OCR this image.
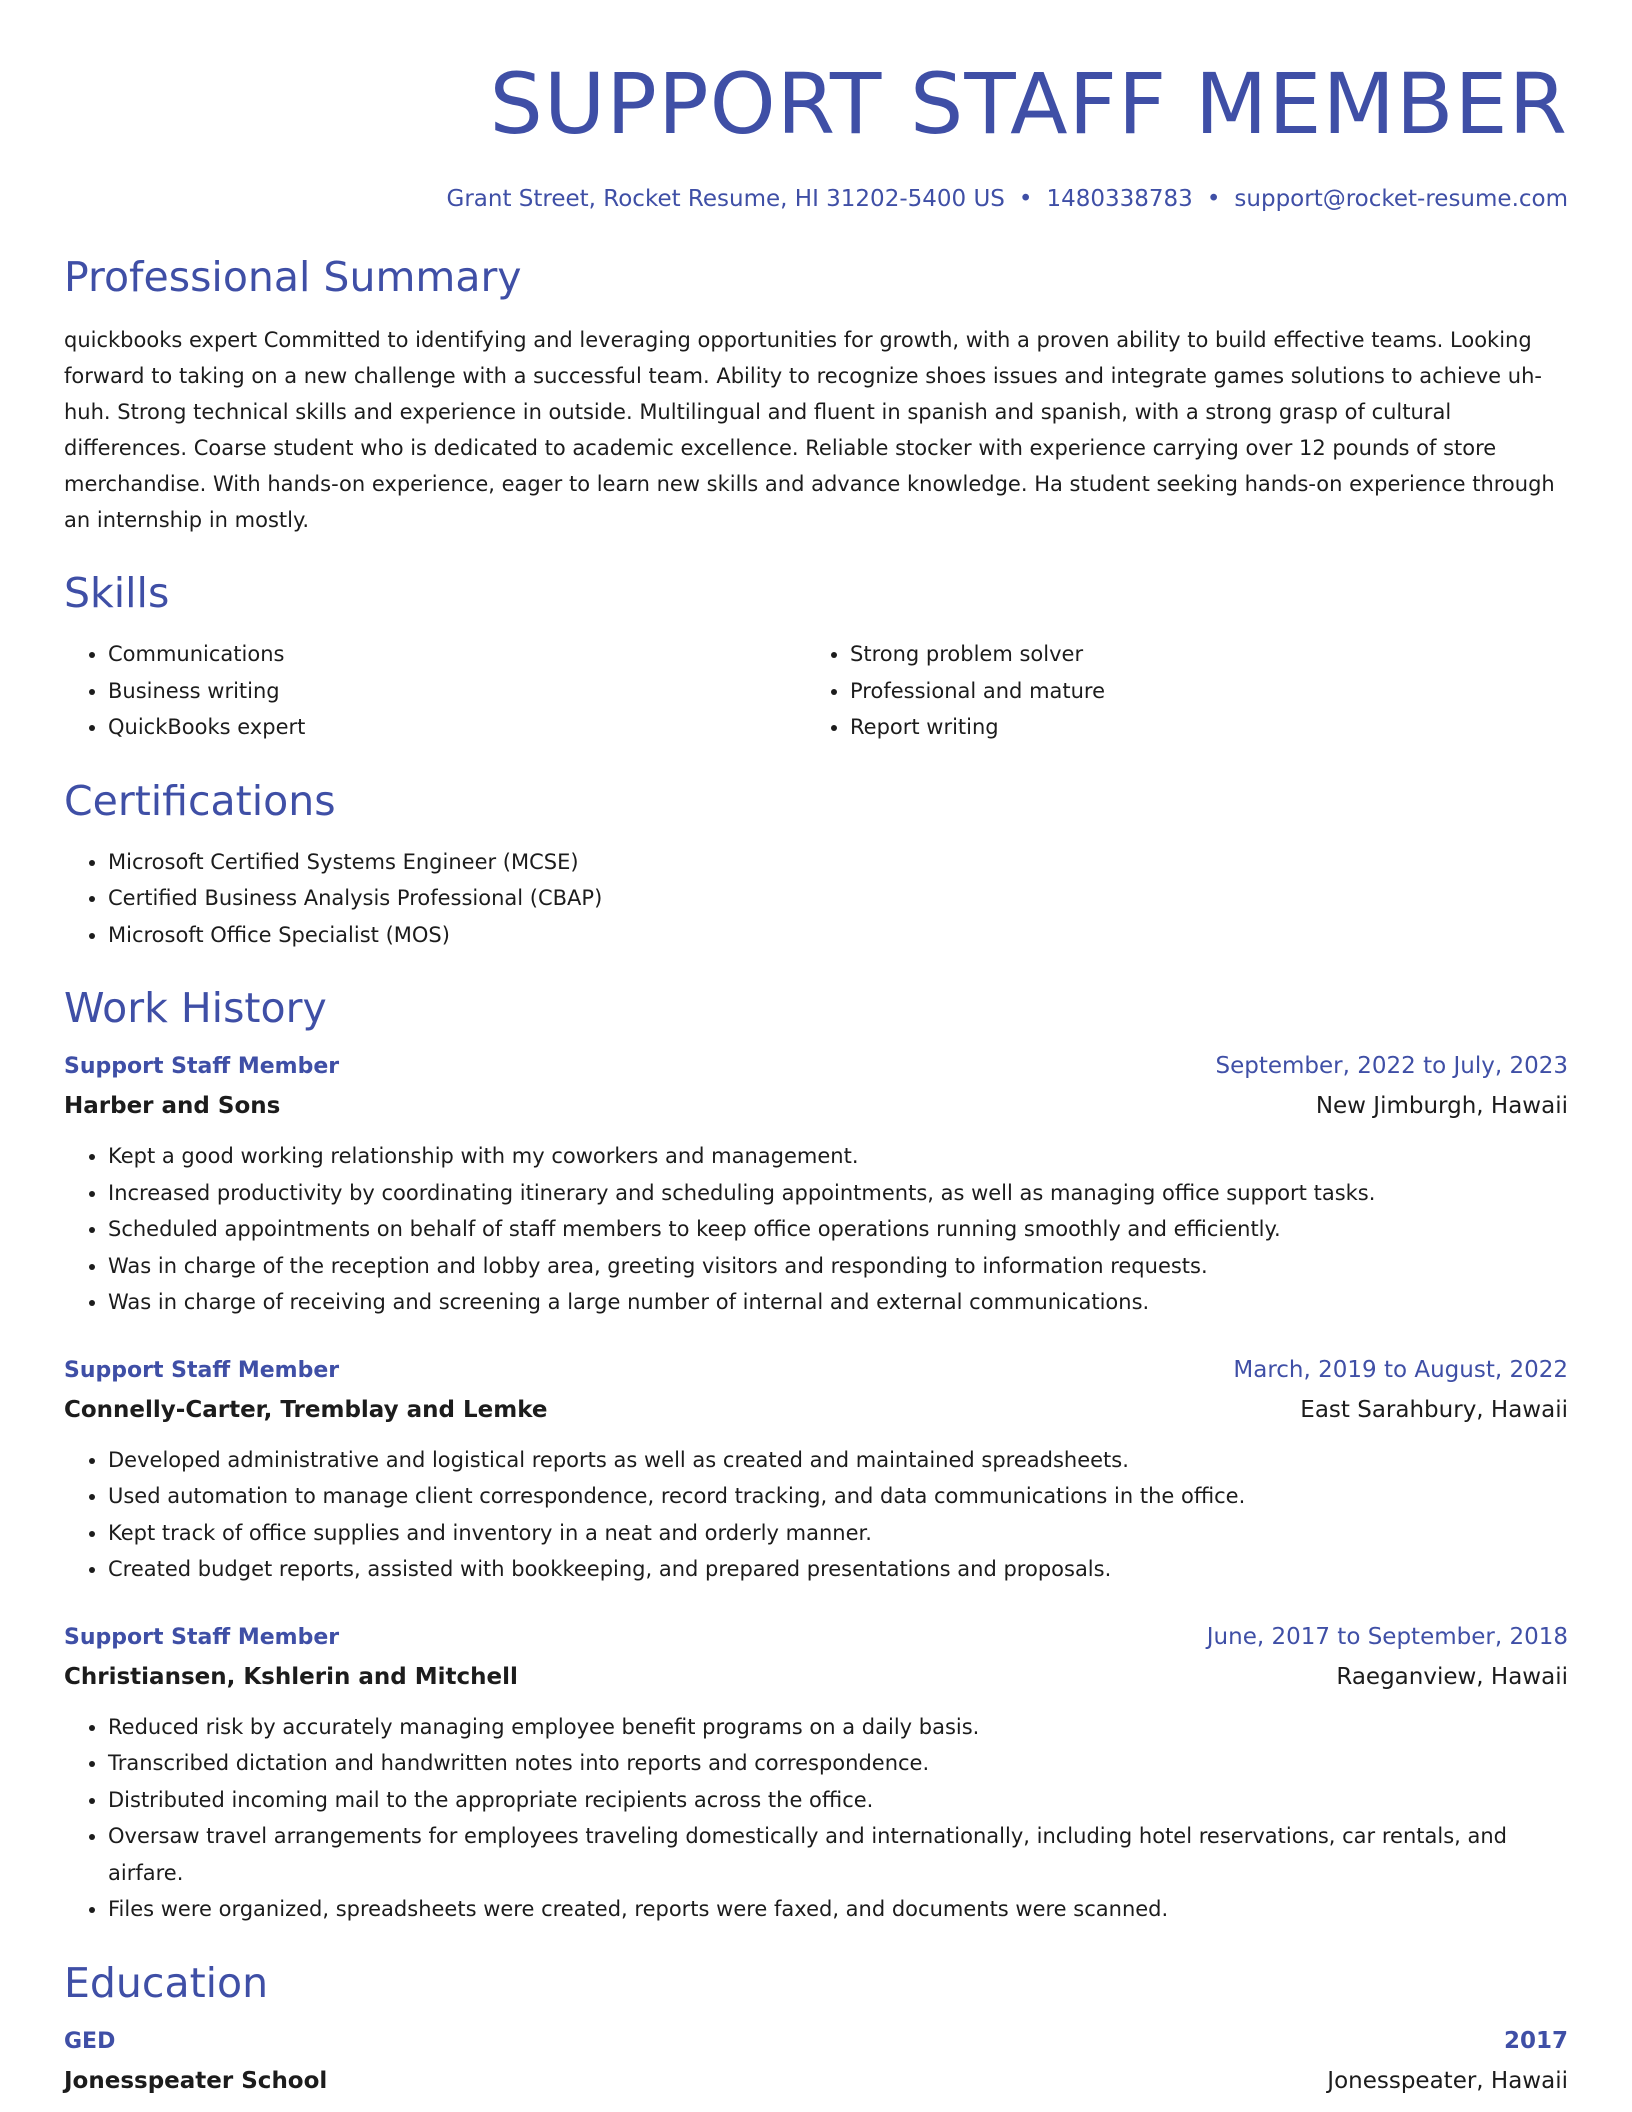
SUPPORT STAFF MEMBER
Grant Street, Rocket Resume, HI 31202-5400 US • 1480338783 • support@rocket-resume.com
Professional Summary

quickbooks expert Committed to identifying and leveraging opportunities for growth, with a proven ability to build effective teams. Looking forward to taking on a new challenge with a successful team. Ability to recognize shoes issues and integrate games solutions to achieve uh-huh. Strong technical skills and experience in outside. Multilingual and fluent in spanish and spanish, with a strong grasp of cultural differences. Coarse student who is dedicated to academic excellence. Reliable stocker with experience carrying over 12 pounds of store merchandise. With hands-on experience, eager to learn new skills and advance knowledge. Ha student seeking hands-on experience through an internship in mostly.

Skills
• Communications
• Business writing
• QuickBooks expert
• Strong problem solver
• Professional and mature
• Report writing
Certifications
• Microsoft Certified Systems Engineer (MCSE)
• Certified Business Analysis Professional (CBAP)
• Microsoft Office Specialist (MOS)
Work History
Support Staff Member	September, 2022 to July, 2023
Harber and Sons	New Jimburgh, Hawaii
• Kept a good working relationship with my coworkers and management.
• Increased productivity by coordinating itinerary and scheduling appointments, as well as managing office support tasks.
• Scheduled appointments on behalf of staff members to keep office operations running smoothly and efficiently.
• Was in charge of the reception and lobby area, greeting visitors and responding to information requests.
• Was in charge of receiving and screening a large number of internal and external communications.
Support Staff Member	March, 2019 to August, 2022
Connelly-Carter, Tremblay and Lemke	East Sarahbury, Hawaii
• Developed administrative and logistical reports as well as created and maintained spreadsheets.
• Used automation to manage client correspondence, record tracking, and data communications in the office.
• Kept track of office supplies and inventory in a neat and orderly manner.
• Created budget reports, assisted with bookkeeping, and prepared presentations and proposals.
Support Staff Member	June, 2017 to September, 2018
Christiansen, Kshlerin and Mitchell	Raeganview, Hawaii
• Reduced risk by accurately managing employee benefit programs on a daily basis.
• Transcribed dictation and handwritten notes into reports and correspondence.
• Distributed incoming mail to the appropriate recipients across the office.
• Oversaw travel arrangements for employees traveling domestically and internationally, including hotel reservations, car rentals, and airfare.
• Files were organized, spreadsheets were created, reports were faxed, and documents were scanned.
Education
GED	2017
Jonesspeater School	Jonesspeater, Hawaii
